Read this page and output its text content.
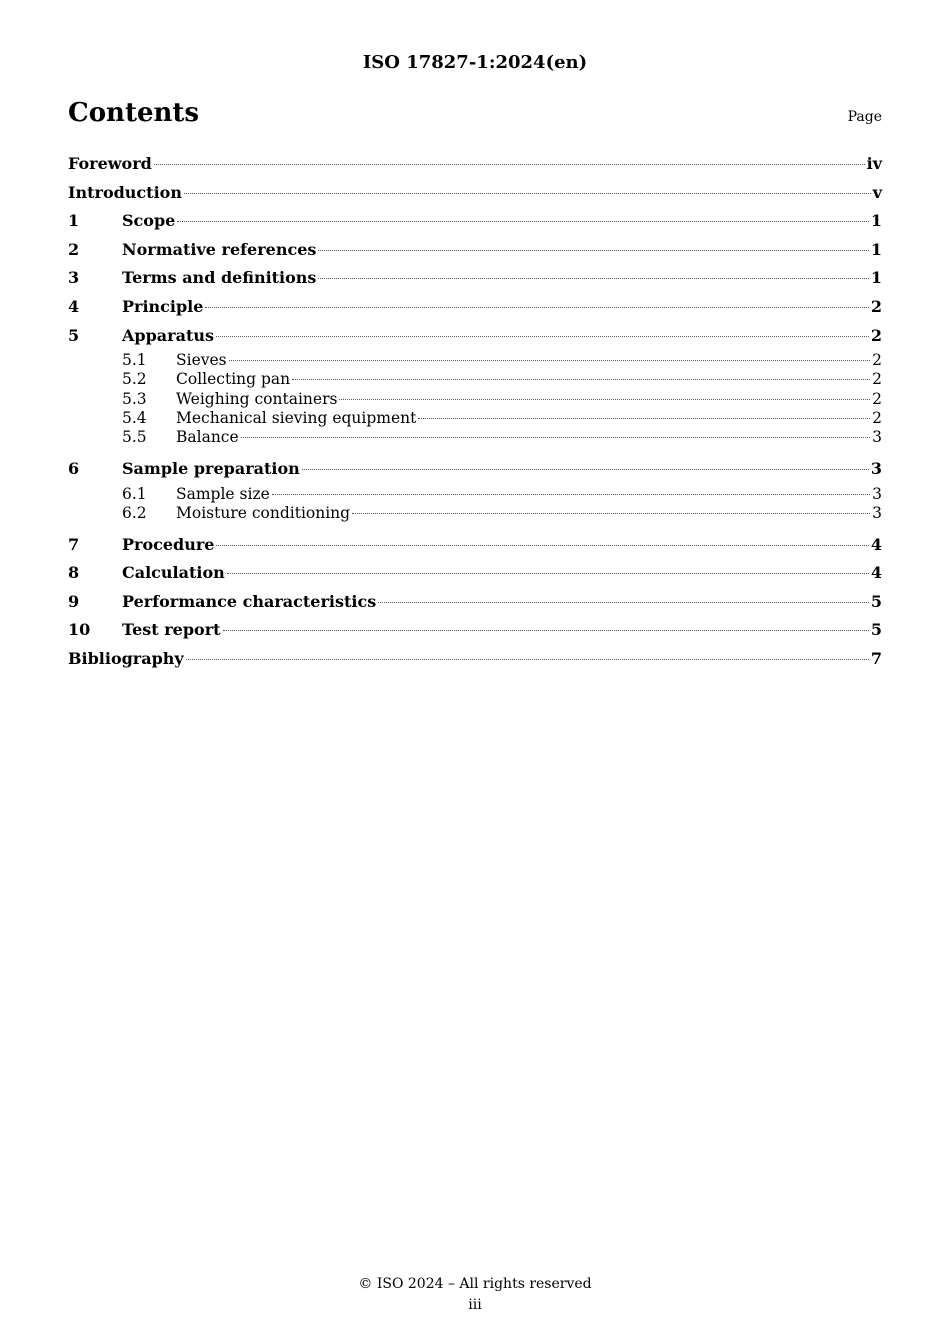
ISO 17827-1:2024(en)
Contents	Page
Foreword	iv
Introduction	v
1	Scope	1
2	Normative references	1
3	Terms and definitions	1
4	Principle	2
5	Apparatus	2
5.1	Sieves	2
5.2	Collecting pan	2
5.3	Weighing containers	2
5.4	Mechanical sieving equipment	2
5.5	Balance	3
6	Sample preparation	3
6.1	Sample size	3
6.2	Moisture conditioning	3
7	Procedure	4
8	Calculation	4
9	Performance characteristics	5
10	Test report	5
Bibliography	7
© ISO 2024 – All rights reserved
iii
